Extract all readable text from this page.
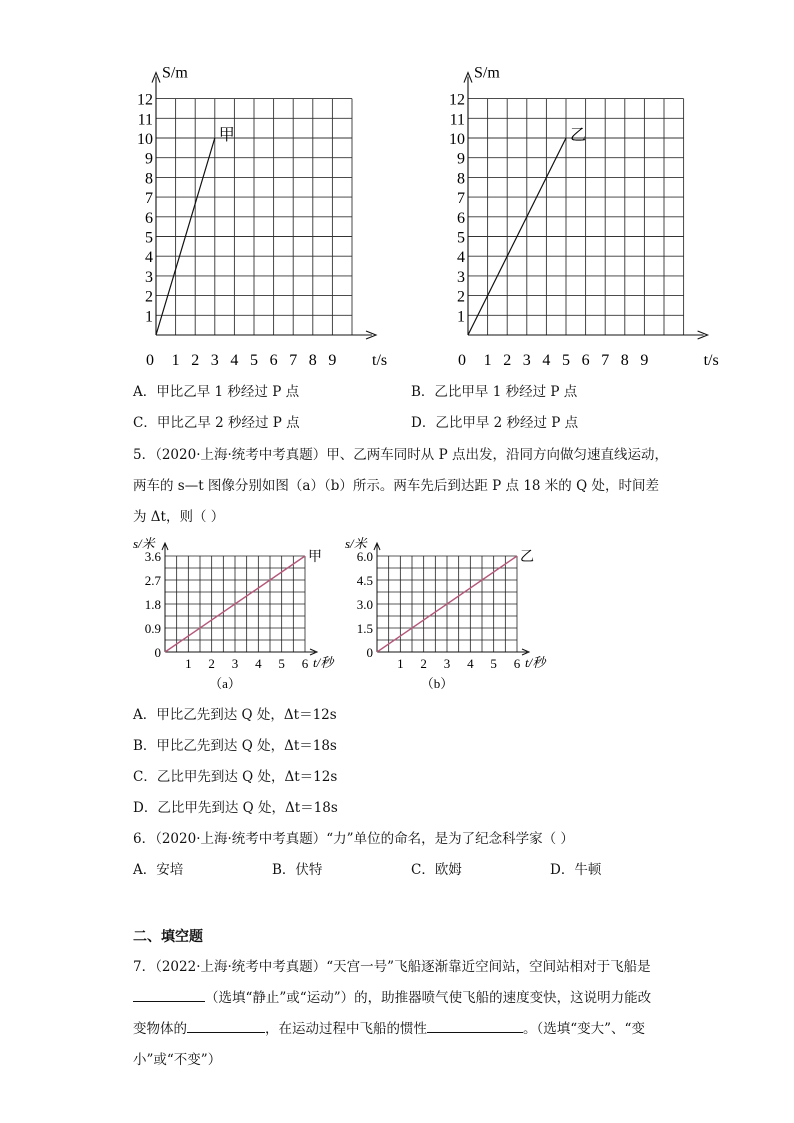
S/m
t/s
0
1
2
3
4
5
6
7
8
9
10
11
12
1 2 3 4 5 6 7 8 9
甲
S/m
t/s
0
1
2
3
4
5
6
7
8
9
10
11
12
1 2 3 4 5 6 7 8 9
乙
A．甲比乙早 1 秒经过 P 点	B．乙比甲早 1 秒经过 P 点
C．甲比乙早 2 秒经过 P 点	D．乙比甲早 2 秒经过 P 点
5．（2020·上海·统考中考真题）甲、乙两车同时从 P 点出发，沿同方向做匀速直线运动，
两车的 s—t 图像分别如图（a）（b）所示。两车先后到达距 P 点 18 米的 Q 处，时间差
为 Δt，则（ ）
s/米
t/秒
0
0.9
1.8
2.7
3.6
1 2 3 4 5 6
甲
（a）
s/米
t/秒
0
1.5
3.0
4.5
6.0
1 2 3 4 5 6
乙
（b）
A．甲比乙先到达 Q 处，Δt＝12s
B．甲比乙先到达 Q 处，Δt＝18s
C．乙比甲先到达 Q 处，Δt＝12s
D．乙比甲先到达 Q 处，Δt＝18s
6．（2020·上海·统考中考真题）“力”单位的命名，是为了纪念科学家（ ）
A．安培	B．伏特	C．欧姆	D．牛顿
二、填空题
7．（2022·上海·统考中考真题）“天宫一号”飞船逐渐靠近空间站，空间站相对于飞船是
（选填“静止”或“运动”）的，助推器喷气使飞船的速度变快，这说明力能改
变物体的	，在运动过程中飞船的惯性	。（选填“变大”、“变
小”或“不变”）
